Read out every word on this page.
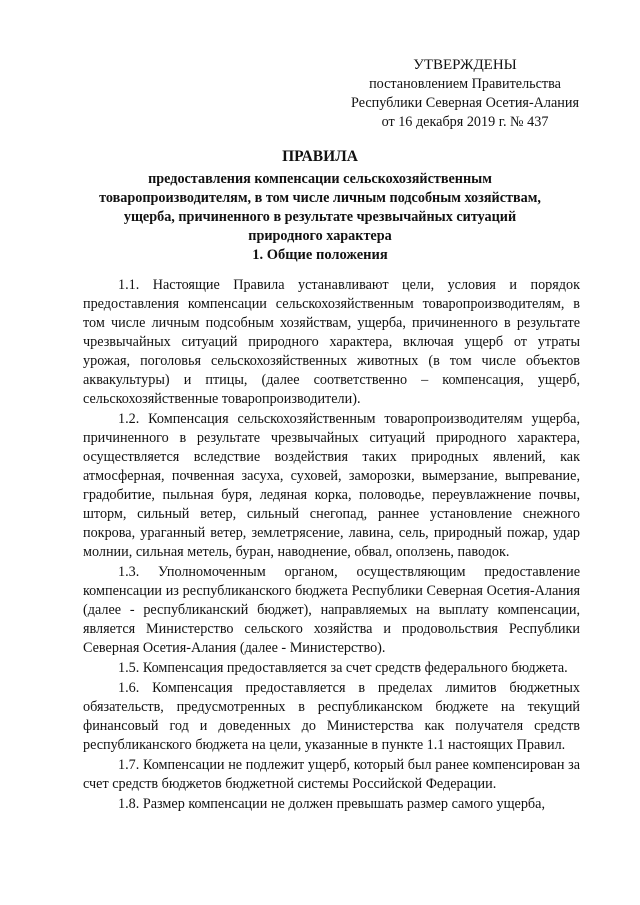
УТВЕРЖДЕНЫ
постановлением Правительства
Республики Северная Осетия-Алания
от 16 декабря 2019 г. № 437
ПРАВИЛА
предоставления компенсации сельскохозяйственным
товаропроизводителям, в том числе личным подсобным хозяйствам,
ущерба, причиненного в результате чрезвычайных ситуаций
природного характера
1. Общие положения

1.1. Настоящие Правила устанавливают цели, условия и порядок предоставления компенсации сельскохозяйственным товаропроизводителям, в том числе личным подсобным хозяйствам, ущерба, причиненного в результате чрезвычайных ситуаций природного характера, включая ущерб от утраты урожая, поголовья сельскохозяйственных животных (в том числе объектов аквакультуры) и птицы, (далее соответственно – компенсация, ущерб, сельскохозяйственные товаропроизводители).

1.2. Компенсация сельскохозяйственным товаропроизводителям ущерба, причиненного в результате чрезвычайных ситуаций природного характера, осуществляется вследствие воздействия таких природных явлений, как атмосферная, почвенная засуха, суховей, заморозки, вымерзание, выпревание, градобитие, пыльная буря, ледяная корка, половодье, переувлажнение почвы, шторм, сильный ветер, сильный снегопад, раннее установление снежного покрова, ураганный ветер, землетрясение, лавина, сель, природный пожар, удар молнии, сильная метель, буран, наводнение, обвал, оползень, паводок.

1.3. Уполномоченным органом, осуществляющим предоставление компенсации из республиканского бюджета Республики Северная Осетия-Алания (далее - республиканский бюджет), направляемых на выплату компенсации, является Министерство сельского хозяйства и продовольствия Республики Северная Осетия-Алания (далее - Министерство).

1.5. Компенсация предоставляется за счет средств федерального бюджета.

1.6. Компенсация предоставляется в пределах лимитов бюджетных обязательств, предусмотренных в республиканском бюджете на текущий финансовый год и доведенных до Министерства как получателя средств республиканского бюджета на цели, указанные в пункте 1.1 настоящих Правил.

1.7. Компенсации не подлежит ущерб, который был ранее компенсирован за счет средств бюджетов бюджетной системы Российской Федерации.

1.8. Размер компенсации не должен превышать размер самого ущерба,
